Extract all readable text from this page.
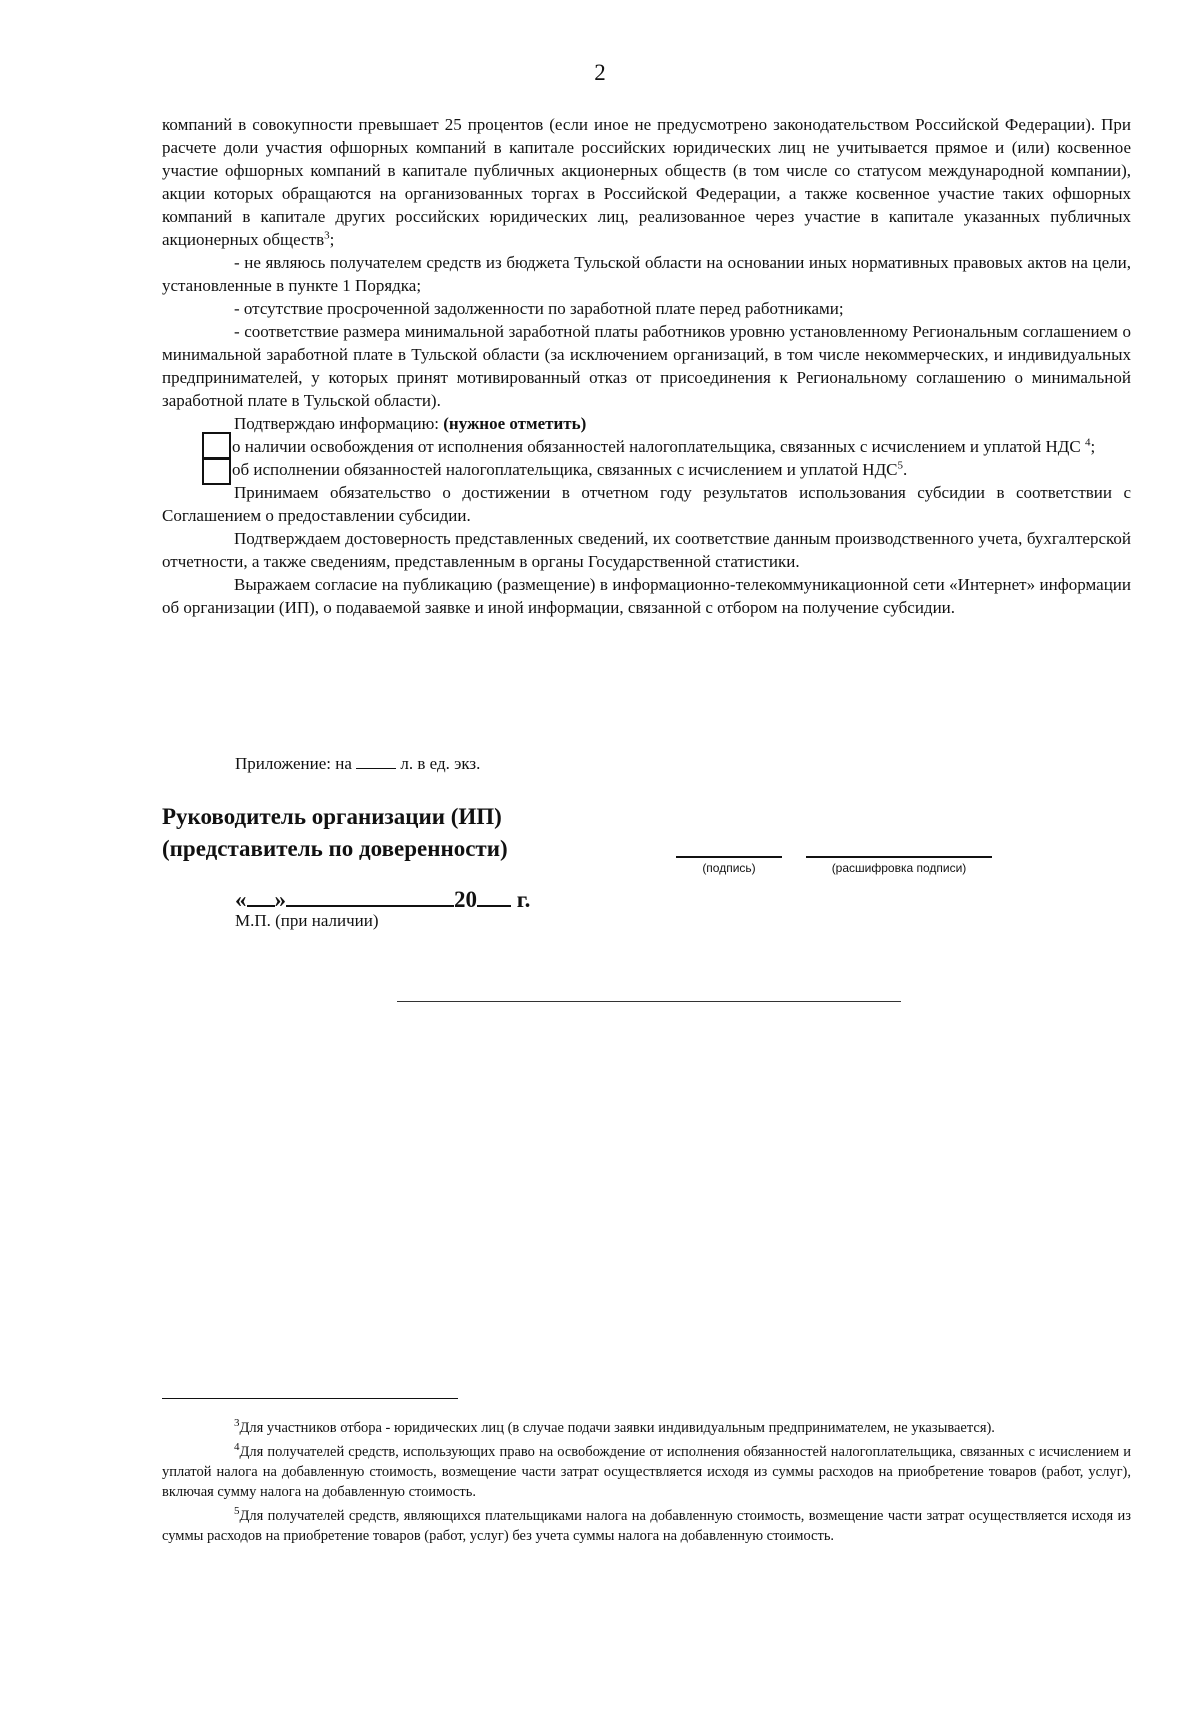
2

компаний в совокупности превышает 25 процентов (если иное не предусмотрено законодательством Российской Федерации). При расчете доли участия офшорных компаний в капитале российских юридических лиц не учитывается прямое и (или) косвенное участие офшорных компаний в капитале публичных акционерных обществ (в том числе со статусом международной компании), акции которых обращаются на организованных торгах в Российской Федерации, а также косвенное участие таких офшорных компаний в капитале других российских юридических лиц, реализованное через участие в капитале указанных публичных акционерных обществ$^3$;

- не являюсь получателем средств из бюджета Тульской области на основании иных нормативных правовых актов на цели, установленные в пункте 1 Порядка;

- отсутствие просроченной задолженности по заработной плате перед работниками;

- соответствие размера минимальной заработной платы работников уровню установленному Региональным соглашением о минимальной заработной плате в Тульской области (за исключением организаций, в том числе некоммерческих, и индивидуальных предпринимателей, у которых принят мотивированный отказ от присоединения к Региональному соглашению о минимальной заработной плате в Тульской области).

Подтверждаю информацию: (нужное отметить)

о наличии освобождения от исполнения обязанностей налогоплательщика, связанных с исчислением и уплатой НДС $^4$;

об исполнении обязанностей налогоплательщика, связанных с исчислением и уплатой НДС$^5$.

Принимаем обязательство о достижении в отчетном году результатов использования субсидии в соответствии с Соглашением о предоставлении субсидии.

Подтверждаем достоверность представленных сведений, их соответствие данным производственного учета, бухгалтерской отчетности, а также сведениям, представленным в органы Государственной статистики.

Выражаем согласие на публикацию (размещение) в информационно-телекоммуникационной сети «Интернет» информации об организации (ИП), о подаваемой заявке и иной информации, связанной с отбором на получение субсидии.

Приложение: на  л. в ед. экз.
Руководитель организации (ИП)
(представитель по доверенности)
(подпись)	(расшифровка подписи)
« »	20 г.
М.П. (при наличии)

$^3$Для участников отбора - юридических лиц (в случае подачи заявки индивидуальным предпринимателем, не указывается).

$^4$Для получателей средств, использующих право на освобождение от исполнения обязанностей налогоплательщика, связанных с исчислением и уплатой налога на добавленную стоимость, возмещение части затрат осуществляется исходя из суммы расходов на приобретение товаров (работ, услуг), включая сумму налога на добавленную стоимость.

$^5$Для получателей средств, являющихся плательщиками налога на добавленную стоимость, возмещение части затрат осуществляется исходя из суммы расходов на приобретение товаров (работ, услуг) без учета суммы налога на добавленную стоимость.
